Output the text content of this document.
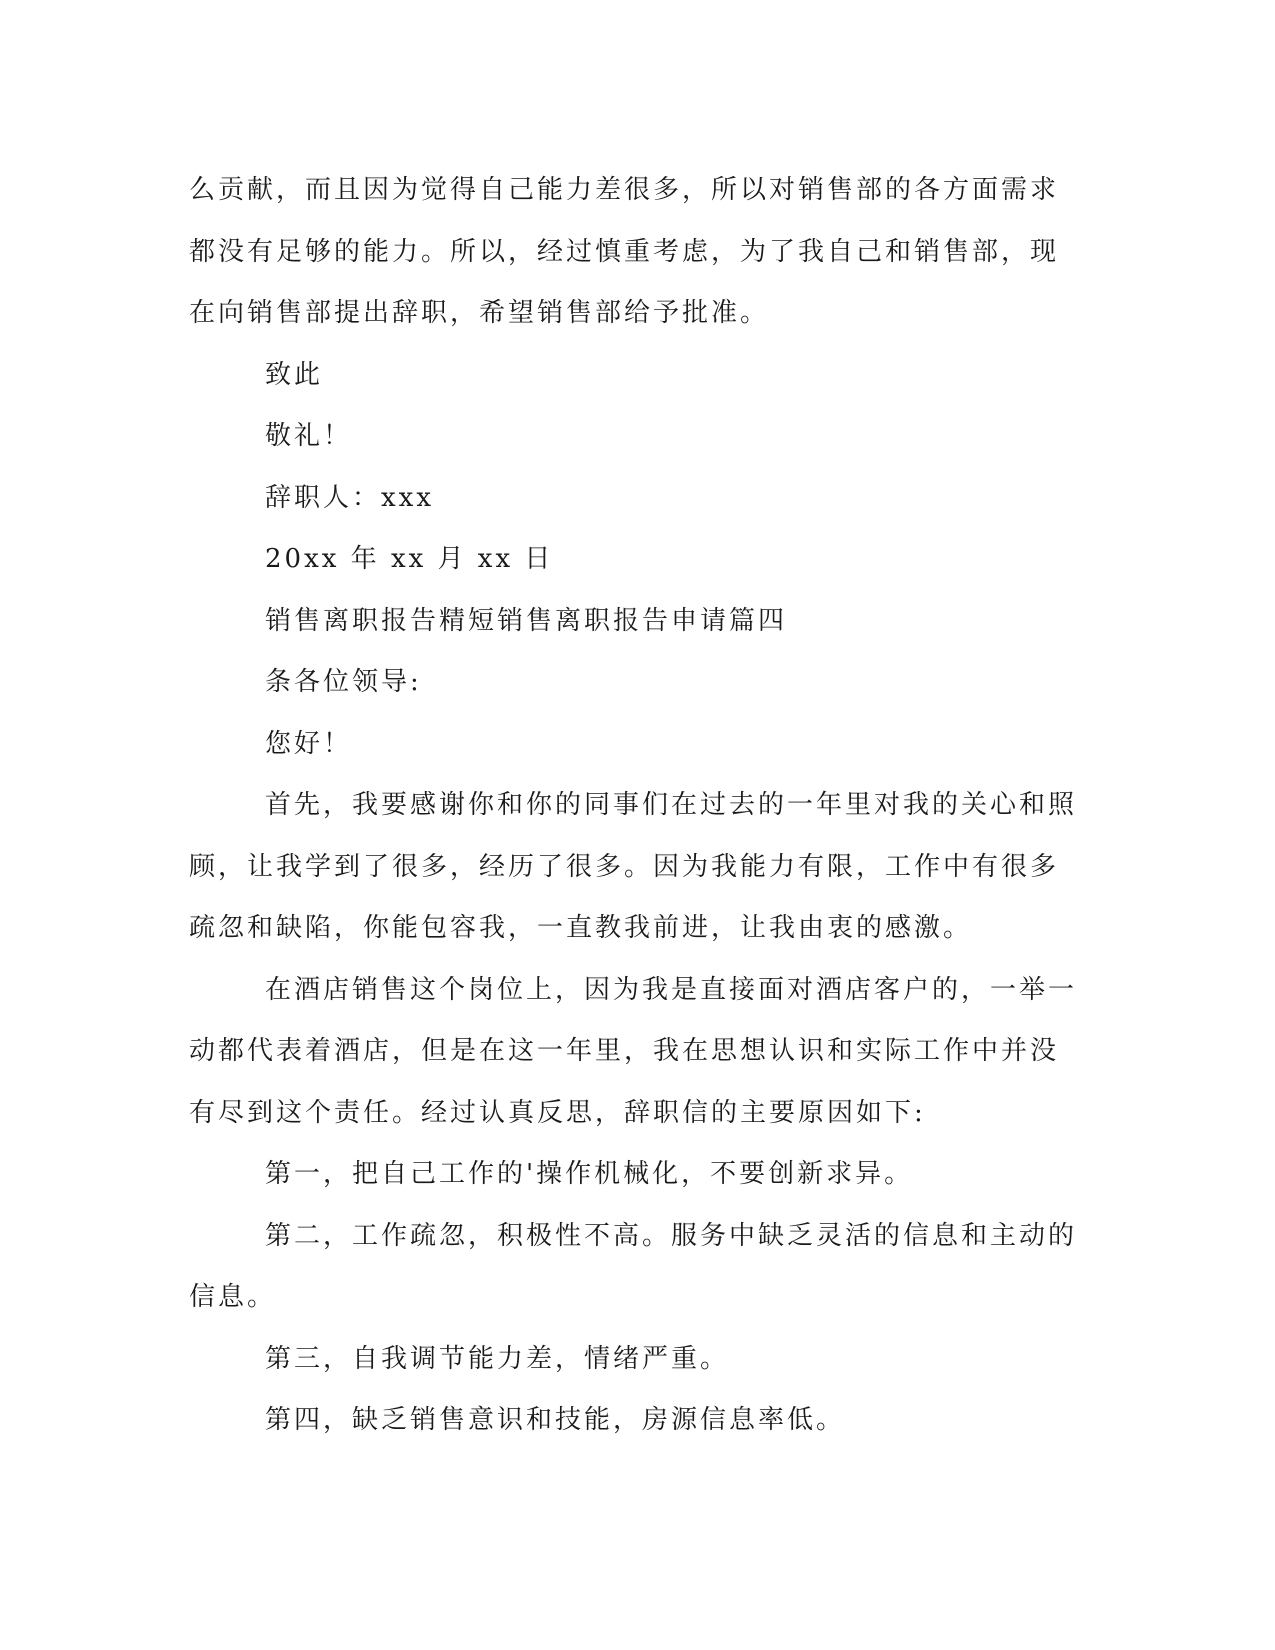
么贡献，而且因为觉得自己能力差很多，所以对销售部的各方面需求
都没有足够的能力。所以，经过慎重考虑，为了我自己和销售部，现
在向销售部提出辞职，希望销售部给予批准。
致此
敬礼！
辞职人：xxx
20xx 年 xx 月 xx 日
销售离职报告精短销售离职报告申请篇四
条各位领导:
您好！
首先，我要感谢你和你的同事们在过去的一年里对我的关心和照
顾，让我学到了很多，经历了很多。因为我能力有限，工作中有很多
疏忽和缺陷，你能包容我，一直教我前进，让我由衷的感激。
在酒店销售这个岗位上，因为我是直接面对酒店客户的，一举一
动都代表着酒店，但是在这一年里，我在思想认识和实际工作中并没
有尽到这个责任。经过认真反思，辞职信的主要原因如下:
第一，把自己工作的'操作机械化，不要创新求异。
第二，工作疏忽，积极性不高。服务中缺乏灵活的信息和主动的
信息。
第三，自我调节能力差，情绪严重。
第四，缺乏销售意识和技能，房源信息率低。
